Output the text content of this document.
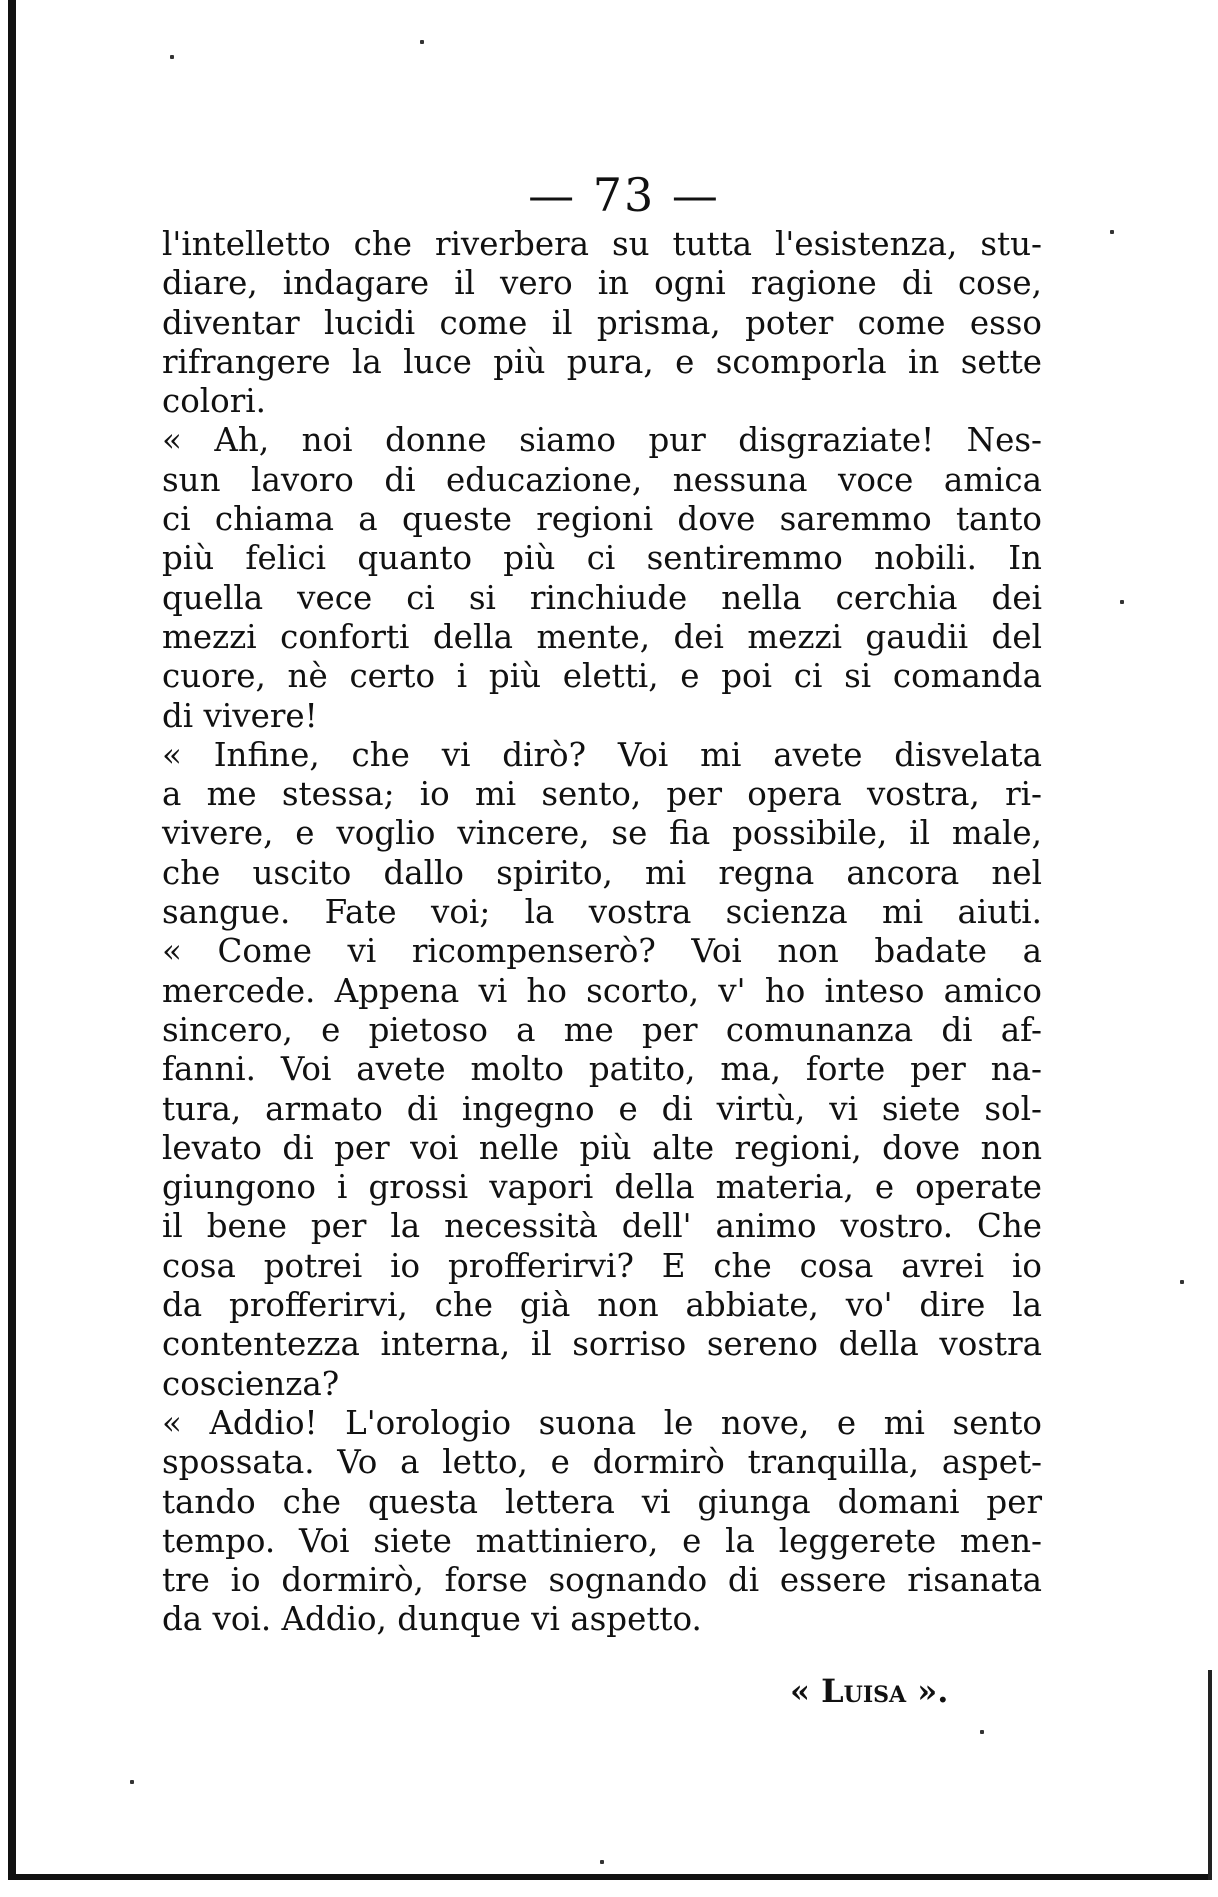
— 73 —
l'intelletto che riverbera su tutta l'esistenza, stu-
diare, indagare il vero in ogni ragione di cose,
diventar lucidi come il prisma, poter come esso
rifrangere la luce più pura, e scomporla in sette
colori.
« Ah, noi donne siamo pur disgraziate! Nes-
sun lavoro di educazione, nessuna voce amica
ci chiama a queste regioni dove saremmo tanto
più felici quanto più ci sentiremmo nobili. In
quella vece ci si rinchiude nella cerchia dei
mezzi conforti della mente, dei mezzi gaudii del
cuore, nè certo i più eletti, e poi ci si comanda
di vivere!
« Infine, che vi dirò? Voi mi avete disvelata
a me stessa; io mi sento, per opera vostra, ri-
vivere, e voglio vincere, se fia possibile, il male,
che uscito dallo spirito, mi regna ancora nel
sangue. Fate voi; la vostra scienza mi aiuti.
« Come vi ricompenserò? Voi non badate a
mercede. Appena vi ho scorto, v' ho inteso amico
sincero, e pietoso a me per comunanza di af-
fanni. Voi avete molto patito, ma, forte per na-
tura, armato di ingegno e di virtù, vi siete sol-
levato di per voi nelle più alte regioni, dove non
giungono i grossi vapori della materia, e operate
il bene per la necessità dell' animo vostro. Che
cosa potrei io profferirvi? E che cosa avrei io
da profferirvi, che già non abbiate, vo' dire la
contentezza interna, il sorriso sereno della vostra
coscienza?
« Addio! L'orologio suona le nove, e mi sento
spossata. Vo a letto, e dormirò tranquilla, aspet-
tando che questa lettera vi giunga domani per
tempo. Voi siete mattiniero, e la leggerete men-
tre io dormirò, forse sognando di essere risanata
da voi. Addio, dunque vi aspetto.
« Luisa ».
